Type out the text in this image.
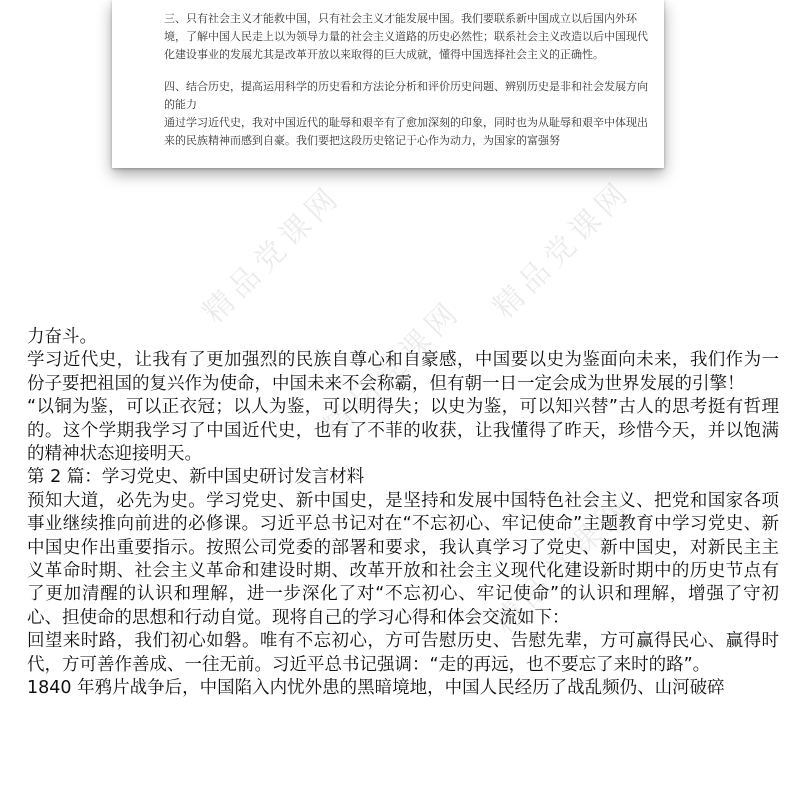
三、只有社会主义才能救中国，只有社会主义才能发展中国。我们要联系新中国成立以后国内外环境，了解中国人民走上以为领导力量的社会主义道路的历史必然性；联系社会主义改造以后中国现代化建设事业的发展尤其是改革开放以来取得的巨大成就，懂得中国选择社会主义的正确性。

四、结合历史，提高运用科学的历史看和方法论分析和评价历史问题、辨别历史是非和社会发展方向的能力

通过学习近代史，我对中国近代的耻辱和艰辛有了愈加深刻的印象，同时也为从耻辱和艰辛中体现出来的民族精神而感到自豪。我们要把这段历史铭记于心作为动力，为国家的富强努

精品党课网	精品党课网
精品党课网
精品党课网

力奋斗。

学习近代史，让我有了更加强烈的民族自尊心和自豪感，中国要以史为鉴面向未来，我们作为一份子要把祖国的复兴作为使命，中国未来不会称霸，但有朝一日一定会成为世界发展的引擎！

“以铜为鉴，可以正衣冠；以人为鉴，可以明得失；以史为鉴，可以知兴替”古人的思考挺有哲理的。这个学期我学习了中国近代史，也有了不菲的收获，让我懂得了昨天，珍惜今天，并以饱满的精神状态迎接明天。

第 2 篇：学习党史、新中国史研讨发言材料

预知大道，必先为史。学习党史、新中国史，是坚持和发展中国特色社会主义、把党和国家各项事业继续推向前进的必修课。习近平总书记对在“不忘初心、牢记使命”主题教育中学习党史、新中国史作出重要指示。按照公司党委的部署和要求，我认真学习了党史、新中国史，对新民主主义革命时期、社会主义革命和建设时期、改革开放和社会主义现代化建设新时期中的历史节点有了更加清醒的认识和理解，进一步深化了对“不忘初心、牢记使命”的认识和理解，增强了守初心、担使命的思想和行动自觉。现将自己的学习心得和体会交流如下：

回望来时路，我们初心如磐。唯有不忘初心，方可告慰历史、告慰先辈，方可赢得民心、赢得时代，方可善作善成、一往无前。习近平总书记强调：“走的再远，也不要忘了来时的路”。

1840 年鸦片战争后，中国陷入内忧外患的黑暗境地，中国人民经历了战乱频仍、山河破碎
